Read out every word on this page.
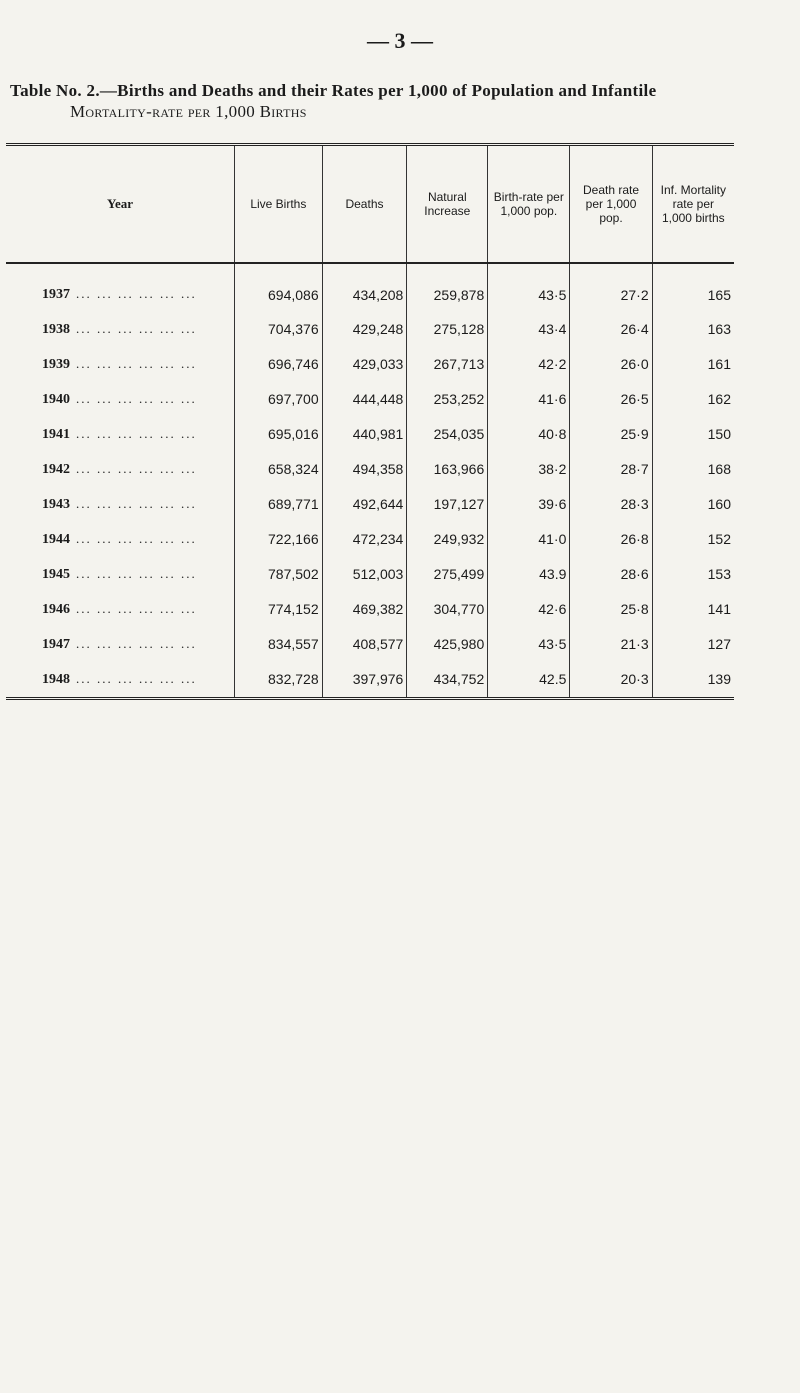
— 3 —
Table No. 2.—Births and Deaths and their Rates per 1,000 of Population and Infantile
Mortality-rate per 1,000 Births
Year	Live Births	Deaths	Natural Increase	Birth-rate per 1,000 pop.	Death rate per 1,000 pop.	Inf. Mortality rate per 1,000 births
1937 ... ... ... ... ... ...	694,086	434,208	259,878	43·5	27·2	165
1938 ... ... ... ... ... ...	704,376	429,248	275,128	43·4	26·4	163
1939 ... ... ... ... ... ...	696,746	429,033	267,713	42·2	26·0	161
1940 ... ... ... ... ... ...	697,700	444,448	253,252	41·6	26·5	162
1941 ... ... ... ... ... ...	695,016	440,981	254,035	40·8	25·9	150
1942 ... ... ... ... ... ...	658,324	494,358	163,966	38·2	28·7	168
1943 ... ... ... ... ... ...	689,771	492,644	197,127	39·6	28·3	160
1944 ... ... ... ... ... ...	722,166	472,234	249,932	41·0	26·8	152
1945 ... ... ... ... ... ...	787,502	512,003	275,499	43.9	28·6	153
1946 ... ... ... ... ... ...	774,152	469,382	304,770	42·6	25·8	141
1947 ... ... ... ... ... ...	834,557	408,577	425,980	43·5	21·3	127
1948 ... ... ... ... ... ...	832,728	397,976	434,752	42.5	20·3	139
